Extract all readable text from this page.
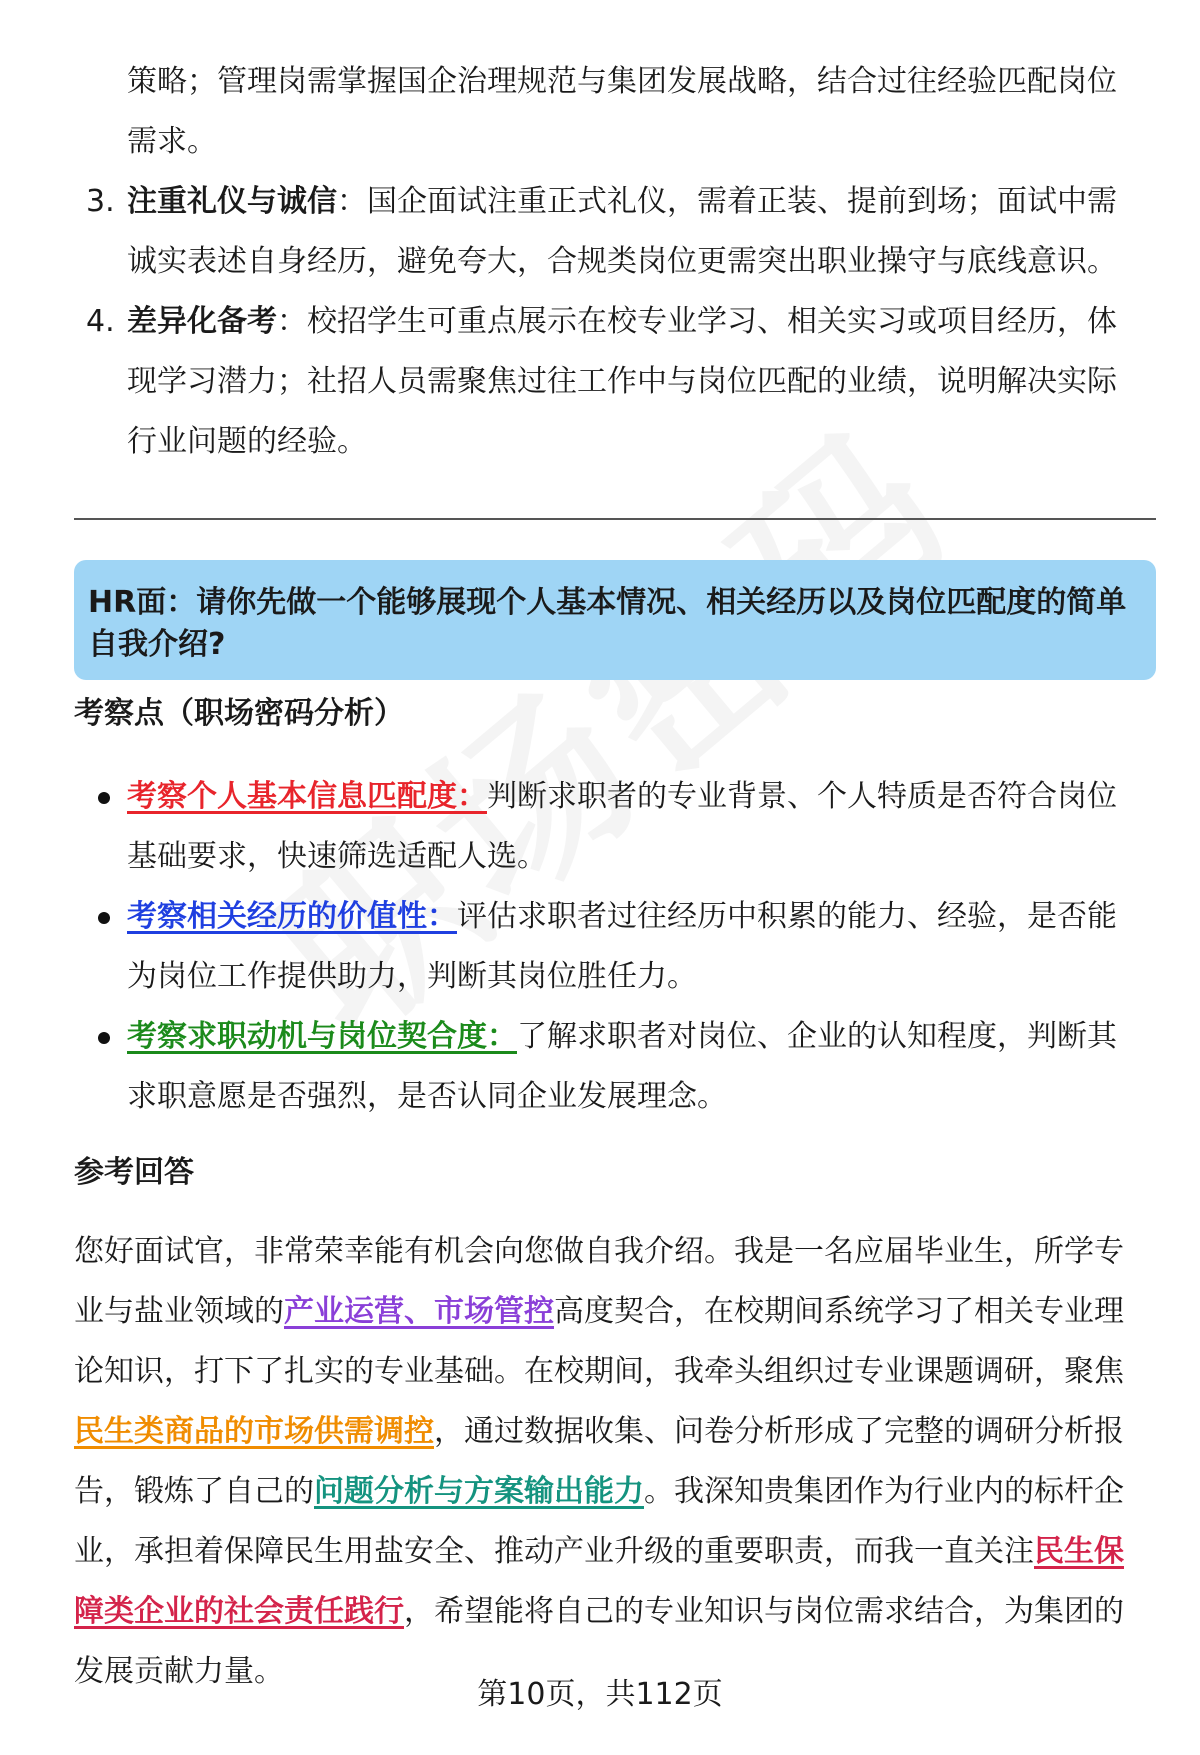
策略；管理岗需掌握国企治理规范与集团发展战略，结合过往经验匹配岗位需求。
3. 注重礼仪与诚信：国企面试注重正式礼仪，需着正装、提前到场；面试中需诚实表述自身经历，避免夸大，合规类岗位更需突出职业操守与底线意识。
4. 差异化备考：校招学生可重点展示在校专业学习、相关实习或项目经历，体现学习潜力；社招人员需聚焦过往工作中与岗位匹配的业绩，说明解决实际行业问题的经验。
HR面：请你先做一个能够展现个人基本情况、相关经历以及岗位匹配度的简单自我介绍?
考察点（职场密码分析）
考察个人基本信息匹配度：判断求职者的专业背景、个人特质是否符合岗位基础要求，快速筛选适配人选。
考察相关经历的价值性：评估求职者过往经历中积累的能力、经验，是否能为岗位工作提供助力，判断其岗位胜任力。
考察求职动机与岗位契合度：了解求职者对岗位、企业的认知程度，判断其求职意愿是否强烈，是否认同企业发展理念。
参考回答
您好面试官，非常荣幸能有机会向您做自我介绍。我是一名应届毕业生，所学专业与盐业领域的产业运营、市场管控高度契合，在校期间系统学习了相关专业理论知识，打下了扎实的专业基础。在校期间，我牵头组织过专业课题调研，聚焦民生类商品的市场供需调控，通过数据收集、问卷分析形成了完整的调研分析报告，锻炼了自己的问题分析与方案输出能力。我深知贵集团作为行业内的标杆企业，承担着保障民生用盐安全、推动产业升级的重要职责，而我一直关注民生保障类企业的社会责任践行，希望能将自己的专业知识与岗位需求结合，为集团的发展贡献力量。
第10页，共112页
